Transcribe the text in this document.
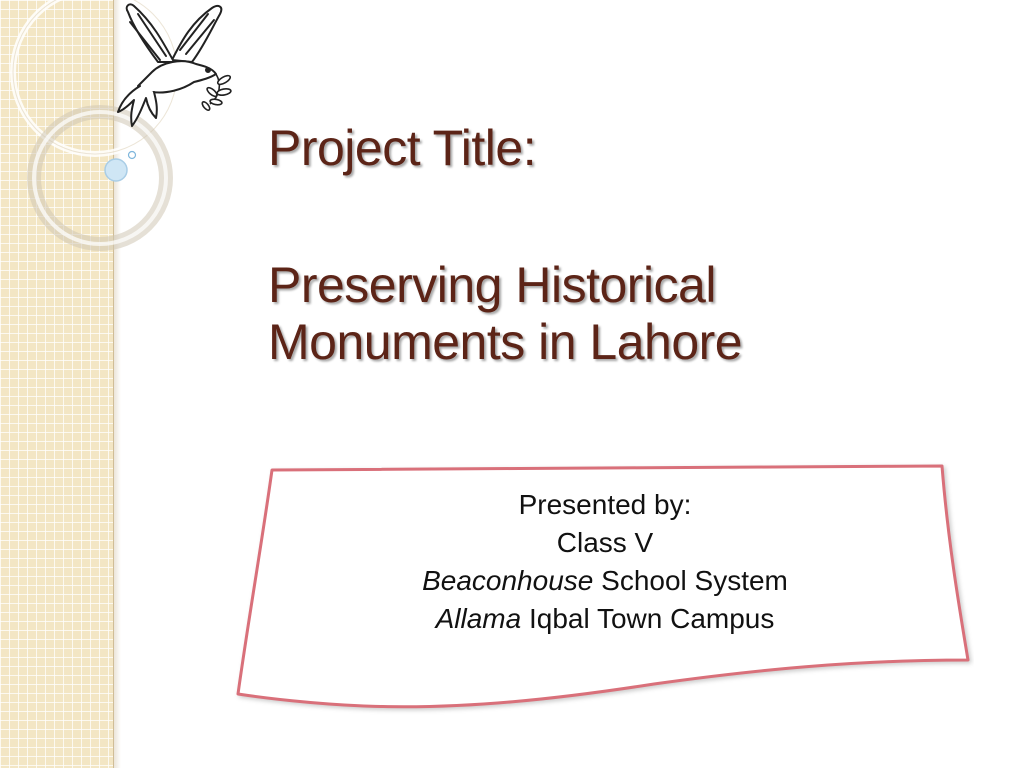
Project Title:
Preserving Historical
Monuments in Lahore
Presented by:
Class V
Beaconhouse School System
Allama Iqbal Town Campus
